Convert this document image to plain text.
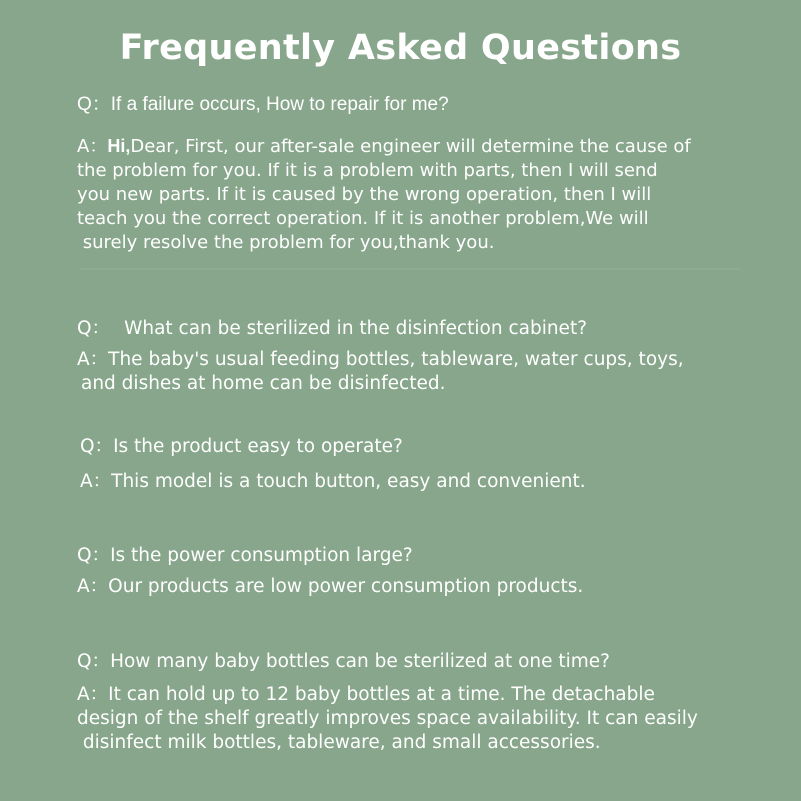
Frequently Asked Questions

Q：If a failure occurs, How to repair for me?

A：Hi,Dear, First, our after-sale engineer will determine the cause of

the problem for you. If it is a problem with parts, then I will send
you new parts. If it is caused by the wrong operation, then I will
teach you the correct operation. If it is another problem,We will
surely resolve the problem for you,thank you.

Q： What can be sterilized in the disinfection cabinet?

A：The baby's usual feeding bottles, tableware, water cups, toys,
and dishes at home can be disinfected.

Q：Is the product easy to operate?

A：This model is a touch button, easy and convenient.

Q：Is the power consumption large?

A：Our products are low power consumption products.

Q：How many baby bottles can be sterilized at one time?

A：It can hold up to 12 baby bottles at a time. The detachable
design of the shelf greatly improves space availability. It can easily
disinfect milk bottles, tableware, and small accessories.
